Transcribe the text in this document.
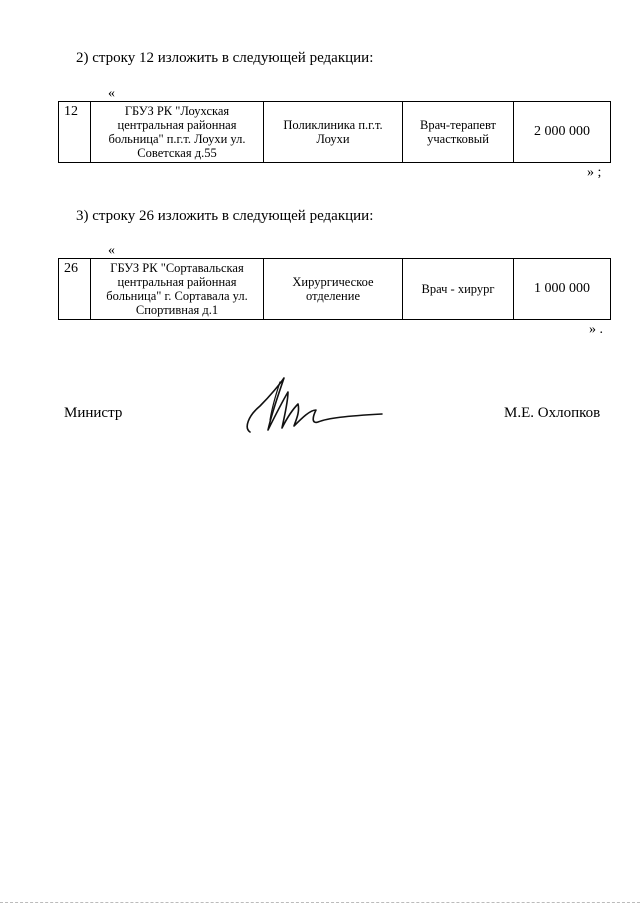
2) строку 12 изложить в следующей редакции:
«
12	ГБУЗ РК "Лоухская центральная районная больница" п.г.т. Лоухи ул. Советская д.55	Поликлиника п.г.т. Лоухи	Врач-терапевт участковый	2 000 000
» ;
3) строку 26 изложить в следующей редакции:
«
26	ГБУЗ РК "Сортавальская центральная районная больница" г. Сортавала ул. Спортивная д.1	Хирургическое отделение	Врач - хирург	1 000 000
» .
Министр	М.Е. Охлопков
